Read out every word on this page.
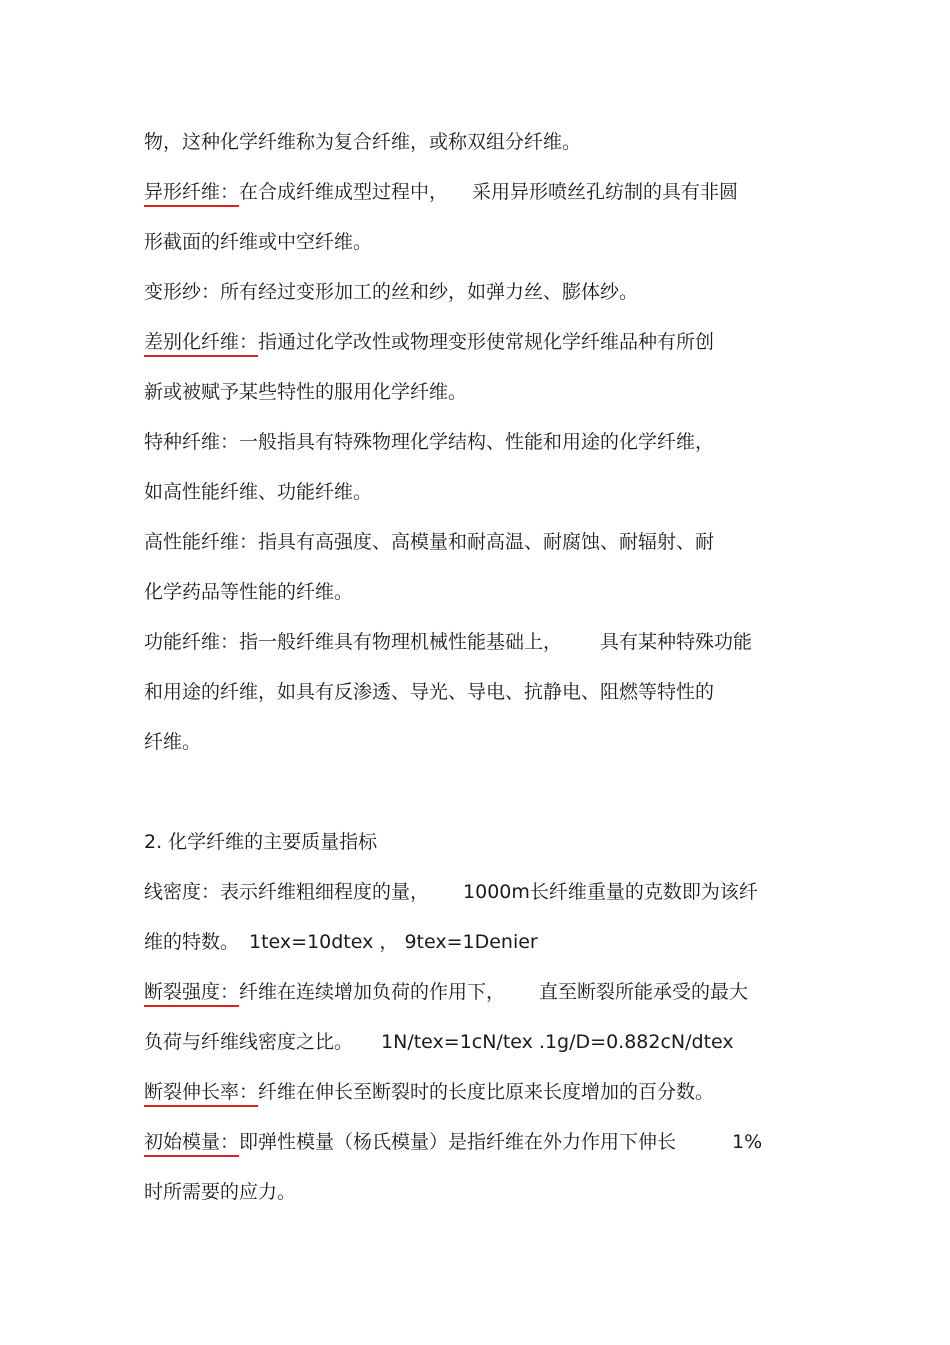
物，这种化学纤维称为复合纤维，或称双组分纤维。
异形纤维：在合成纤维成型过程中， 采用异形喷丝孔纺制的具有非圆
形截面的纤维或中空纤维。
变形纱：所有经过变形加工的丝和纱，如弹力丝、膨体纱。
差别化纤维：指通过化学改性或物理变形使常规化学纤维品种有所创
新或被赋予某些特性的服用化学纤维。
特种纤维：一般指具有特殊物理化学结构、性能和用途的化学纤维，
如高性能纤维、功能纤维。
高性能纤维：指具有高强度、高模量和耐高温、耐腐蚀、耐辐射、耐
化学药品等性能的纤维。
功能纤维：指一般纤维具有物理机械性能基础上， 具有某种特殊功能
和用途的纤维，如具有反渗透、导光、导电、抗静电、阻燃等特性的
纤维。
2. 化学纤维的主要质量指标
线密度：表示纤维粗细程度的量， 1000m长纤维重量的克数即为该纤
维的特数。 1tex=10dtex ， 9tex=1Denier
断裂强度：纤维在连续增加负荷的作用下， 直至断裂所能承受的最大
负荷与纤维线密度之比。 1N/tex=1cN/tex .1g/D=0.882cN/dtex
断裂伸长率：纤维在伸长至断裂时的长度比原来长度增加的百分数。
初始模量：即弹性模量（杨氏模量）是指纤维在外力作用下伸长	1%
时所需要的应力。
